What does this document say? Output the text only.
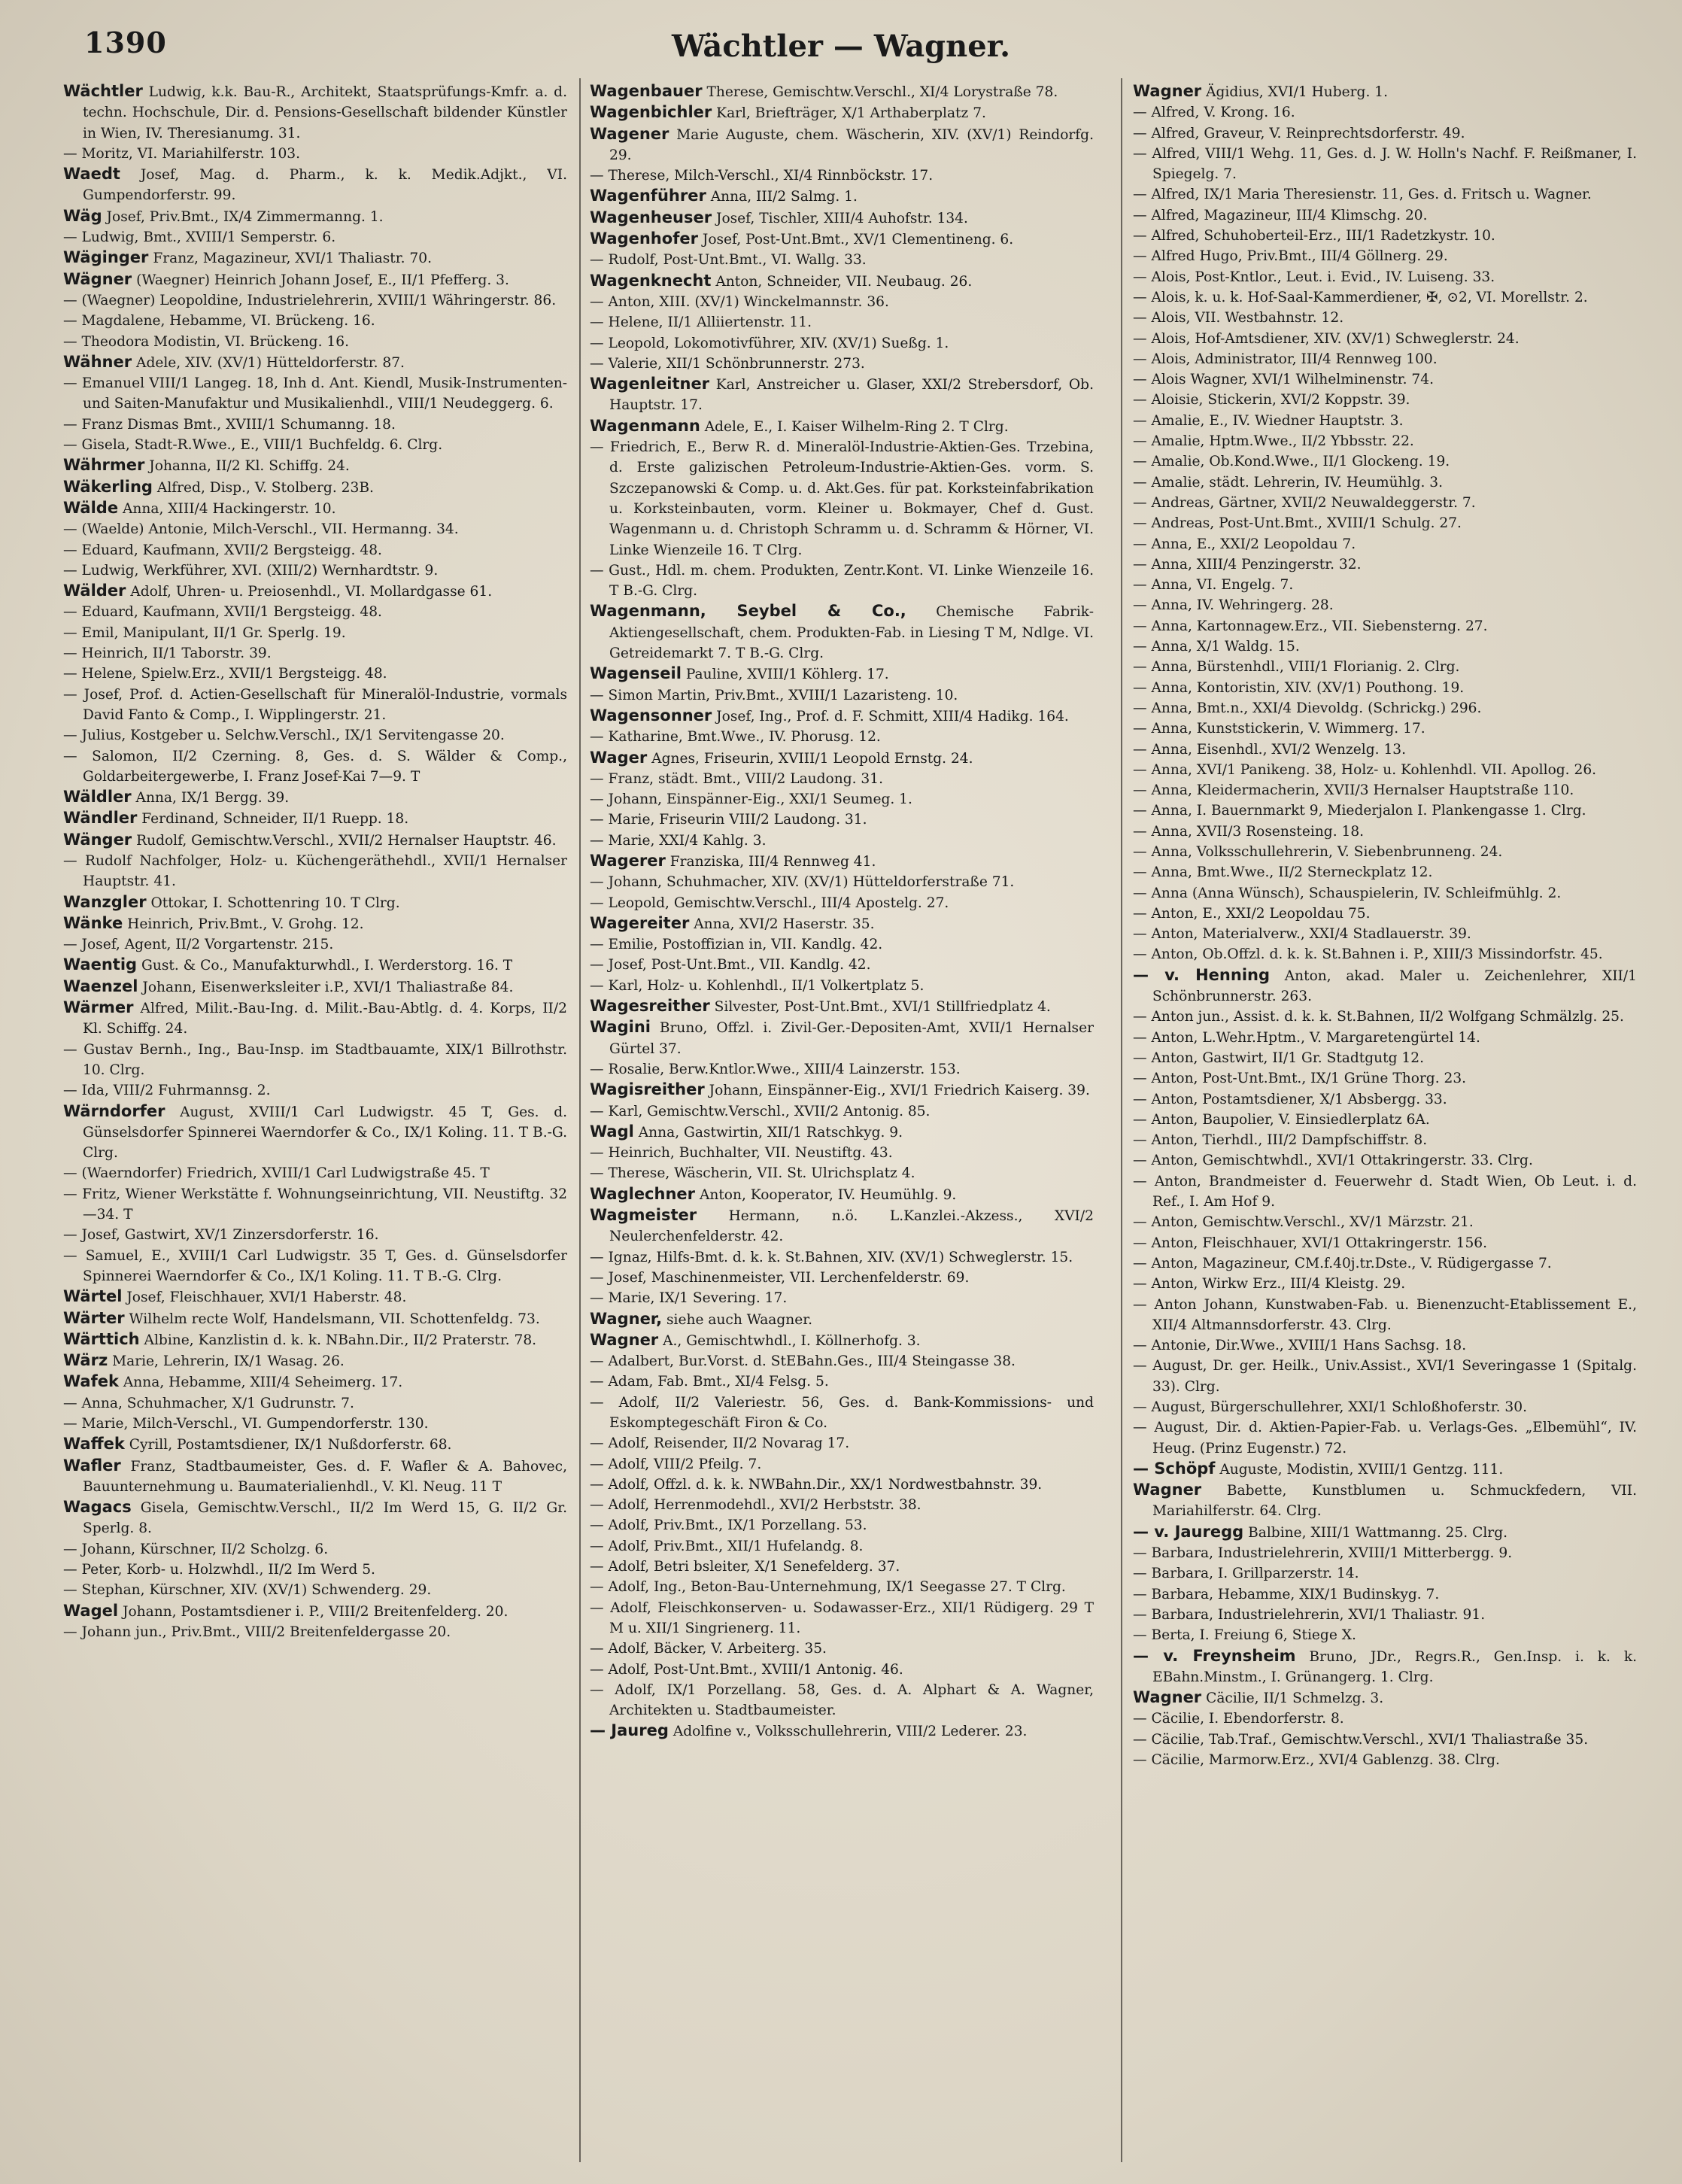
1390	Wächtler — Wagner.

Wächtler Ludwig, k.k. Bau-R., Architekt, Staatsprüfungs-Kmfr. a. d. techn. Hochschule, Dir. d. Pensions-Gesellschaft bildender Künstler in Wien, IV. Theresianumg. 31.

— Moritz, VI. Mariahilferstr. 103.

Waedt Josef, Mag. d. Pharm., k. k. Medik.Adjkt., VI. Gumpendorferstr. 99.

Wäg Josef, Priv.Bmt., IX/4 Zimmermanng. 1.

— Ludwig, Bmt., XVIII/1 Semperstr. 6.

Wäginger Franz, Magazineur, XVI/1 Thaliastr. 70.

Wägner (Waegner) Heinrich Johann Josef, E., II/1 Pfefferg. 3.

— (Waegner) Leopoldine, Industrielehrerin, XVIII/1 Währingerstr. 86.

— Magdalene, Hebamme, VI. Brückeng. 16.

— Theodora Modistin, VI. Brückeng. 16.

Wähner Adele, XIV. (XV/1) Hütteldorferstr. 87.

— Emanuel VIII/1 Langeg. 18, Inh d. Ant. Kiendl, Musik-Instrumenten- und Saiten-Manufaktur und Musikalienhdl., VIII/1 Neudeggerg. 6.

— Franz Dismas Bmt., XVIII/1 Schumanng. 18.

— Gisela, Stadt-R.Wwe., E., VIII/1 Buchfeldg. 6. Clrg.

Währmer Johanna, II/2 Kl. Schiffg. 24.

Wäkerling Alfred, Disp., V. Stolberg. 23B.

Wälde Anna, XIII/4 Hackingerstr. 10.

— (Waelde) Antonie, Milch-Verschl., VII. Hermanng. 34.

— Eduard, Kaufmann, XVII/2 Bergsteigg. 48.

— Ludwig, Werkführer, XVI. (XIII/2) Wernhardtstr. 9.

Wälder Adolf, Uhren- u. Preiosenhdl., VI. Mollardgasse 61.

— Eduard, Kaufmann, XVII/1 Bergsteigg. 48.

— Emil, Manipulant, II/1 Gr. Sperlg. 19.

— Heinrich, II/1 Taborstr. 39.

— Helene, Spielw.Erz., XVII/1 Bergsteigg. 48.

— Josef, Prof. d. Actien-Gesellschaft für Mineralöl-Industrie, vormals David Fanto & Comp., I. Wipplingerstr. 21.

— Julius, Kostgeber u. Selchw.Verschl., IX/1 Servitengasse 20.

— Salomon, II/2 Czerning. 8, Ges. d. S. Wälder & Comp., Goldarbeitergewerbe, I. Franz Josef-Kai 7—9. T

Wäldler Anna, IX/1 Bergg. 39.

Wändler Ferdinand, Schneider, II/1 Ruepp. 18.

Wänger Rudolf, Gemischtw.Verschl., XVII/2 Hernalser Hauptstr. 46.

— Rudolf Nachfolger, Holz- u. Küchengeräthehdl., XVII/1 Hernalser Hauptstr. 41.

Wanzgler Ottokar, I. Schottenring 10. T Clrg.

Wänke Heinrich, Priv.Bmt., V. Grohg. 12.

— Josef, Agent, II/2 Vorgartenstr. 215.

Waentig Gust. & Co., Manufakturwhdl., I. Werderstorg. 16. T

Waenzel Johann, Eisenwerksleiter i.P., XVI/1 Thaliastraße 84.

Wärmer Alfred, Milit.-Bau-Ing. d. Milit.-Bau-Abtlg. d. 4. Korps, II/2 Kl. Schiffg. 24.

— Gustav Bernh., Ing., Bau-Insp. im Stadtbauamte, XIX/1 Billrothstr. 10. Clrg.

— Ida, VIII/2 Fuhrmannsg. 2.

Wärndorfer August, XVIII/1 Carl Ludwigstr. 45 T, Ges. d. Günselsdorfer Spinnerei Waerndorfer & Co., IX/1 Koling. 11. T B.-G. Clrg.

— (Waerndorfer) Friedrich, XVIII/1 Carl Ludwigstraße 45. T

— Fritz, Wiener Werkstätte f. Wohnungseinrichtung, VII. Neustiftg. 32—34. T

— Josef, Gastwirt, XV/1 Zinzersdorferstr. 16.

— Samuel, E., XVIII/1 Carl Ludwigstr. 35 T, Ges. d. Günselsdorfer Spinnerei Waerndorfer & Co., IX/1 Koling. 11. T B.-G. Clrg.

Wärtel Josef, Fleischhauer, XVI/1 Haberstr. 48.

Wärter Wilhelm recte Wolf, Handelsmann, VII. Schottenfeldg. 73.

Wärttich Albine, Kanzlistin d. k. k. NBahn.Dir., II/2 Praterstr. 78.

Wärz Marie, Lehrerin, IX/1 Wasag. 26.

Wafek Anna, Hebamme, XIII/4 Seheimerg. 17.

— Anna, Schuhmacher, X/1 Gudrunstr. 7.

— Marie, Milch-Verschl., VI. Gumpendorferstr. 130.

Waffek Cyrill, Postamtsdiener, IX/1 Nußdorferstr. 68.

Wafler Franz, Stadtbaumeister, Ges. d. F. Wafler & A. Bahovec, Bauunternehmung u. Baumaterialienhdl., V. Kl. Neug. 11 T

Wagacs Gisela, Gemischtw.Verschl., II/2 Im Werd 15, G. II/2 Gr. Sperlg. 8.

— Johann, Kürschner, II/2 Scholzg. 6.

— Peter, Korb- u. Holzwhdl., II/2 Im Werd 5.

— Stephan, Kürschner, XIV. (XV/1) Schwenderg. 29.

Wagel Johann, Postamtsdiener i. P., VIII/2 Breitenfelderg. 20.

— Johann jun., Priv.Bmt., VIII/2 Breitenfeldergasse 20.

Wagenbauer Therese, Gemischtw.Verschl., XI/4 Lorystraße 78.

Wagenbichler Karl, Briefträger, X/1 Arthaberplatz 7.

Wagener Marie Auguste, chem. Wäscherin, XIV. (XV/1) Reindorfg. 29.

— Therese, Milch-Verschl., XI/4 Rinnböckstr. 17.

Wagenführer Anna, III/2 Salmg. 1.

Wagenheuser Josef, Tischler, XIII/4 Auhofstr. 134.

Wagenhofer Josef, Post-Unt.Bmt., XV/1 Clementineng. 6.

— Rudolf, Post-Unt.Bmt., VI. Wallg. 33.

Wagenknecht Anton, Schneider, VII. Neubaug. 26.

— Anton, XIII. (XV/1) Winckelmannstr. 36.

— Helene, II/1 Alliiertenstr. 11.

— Leopold, Lokomotivführer, XIV. (XV/1) Sueßg. 1.

— Valerie, XII/1 Schönbrunnerstr. 273.

Wagenleitner Karl, Anstreicher u. Glaser, XXI/2 Strebersdorf, Ob. Hauptstr. 17.

Wagenmann Adele, E., I. Kaiser Wilhelm-Ring 2. T Clrg.

— Friedrich, E., Berw R. d. Mineralöl-Industrie-Aktien-Ges. Trzebina, d. Erste galizischen Petroleum-Industrie-Aktien-Ges. vorm. S. Szczepanowski & Comp. u. d. Akt.Ges. für pat. Korksteinfabrikation u. Korksteinbauten, vorm. Kleiner u. Bokmayer, Chef d. Gust. Wagenmann u. d. Christoph Schramm u. d. Schramm & Hörner, VI. Linke Wienzeile 16. T Clrg.

— Gust., Hdl. m. chem. Produkten, Zentr.Kont. VI. Linke Wienzeile 16. T B.-G. Clrg.

Wagenmann, Seybel & Co., Chemische Fabrik-Aktiengesellschaft, chem. Produkten-Fab. in Liesing T M, Ndlge. VI. Getreidemarkt 7. T B.-G. Clrg.

Wagenseil Pauline, XVIII/1 Köhlerg. 17.

— Simon Martin, Priv.Bmt., XVIII/1 Lazaristeng. 10.

Wagensonner Josef, Ing., Prof. d. F. Schmitt, XIII/4 Hadikg. 164.

— Katharine, Bmt.Wwe., IV. Phorusg. 12.

Wager Agnes, Friseurin, XVIII/1 Leopold Ernstg. 24.

— Franz, städt. Bmt., VIII/2 Laudong. 31.

— Johann, Einspänner-Eig., XXI/1 Seumeg. 1.

— Marie, Friseurin VIII/2 Laudong. 31.

— Marie, XXI/4 Kahlg. 3.

Wagerer Franziska, III/4 Rennweg 41.

— Johann, Schuhmacher, XIV. (XV/1) Hütteldorferstraße 71.

— Leopold, Gemischtw.Verschl., III/4 Apostelg. 27.

Wagereiter Anna, XVI/2 Haserstr. 35.

— Emilie, Postoffizian in, VII. Kandlg. 42.

— Josef, Post-Unt.Bmt., VII. Kandlg. 42.

— Karl, Holz- u. Kohlenhdl., II/1 Volkertplatz 5.

Wagesreither Silvester, Post-Unt.Bmt., XVI/1 Stillfriedplatz 4.

Wagini Bruno, Offzl. i. Zivil-Ger.-Depositen-Amt, XVII/1 Hernalser Gürtel 37.

— Rosalie, Berw.Kntlor.Wwe., XIII/4 Lainzerstr. 153.

Wagisreither Johann, Einspänner-Eig., XVI/1 Friedrich Kaiserg. 39.

— Karl, Gemischtw.Verschl., XVII/2 Antonig. 85.

Wagl Anna, Gastwirtin, XII/1 Ratschkyg. 9.

— Heinrich, Buchhalter, VII. Neustiftg. 43.

— Therese, Wäscherin, VII. St. Ulrichsplatz 4.

Waglechner Anton, Kooperator, IV. Heumühlg. 9.

Wagmeister Hermann, n.ö. L.Kanzlei.-Akzess., XVI/2 Neulerchenfelderstr. 42.

— Ignaz, Hilfs-Bmt. d. k. k. St.Bahnen, XIV. (XV/1) Schweglerstr. 15.

— Josef, Maschinenmeister, VII. Lerchenfelderstr. 69.

— Marie, IX/1 Severing. 17.

Wagner, siehe auch Waagner.

Wagner A., Gemischtwhdl., I. Köllnerhofg. 3.

— Adalbert, Bur.Vorst. d. StEBahn.Ges., III/4 Steingasse 38.

— Adam, Fab. Bmt., XI/4 Felsg. 5.

— Adolf, II/2 Valeriestr. 56, Ges. d. Bank-Kommissions- und Eskomptegeschäft Firon & Co.

— Adolf, Reisender, II/2 Novarag 17.

— Adolf, VIII/2 Pfeilg. 7.

— Adolf, Offzl. d. k. k. NWBahn.Dir., XX/1 Nordwestbahnstr. 39.

— Adolf, Herrenmodehdl., XVI/2 Herbststr. 38.

— Adolf, Priv.Bmt., IX/1 Porzellang. 53.

— Adolf, Priv.Bmt., XII/1 Hufelandg. 8.

— Adolf, Betri bsleiter, X/1 Senefelderg. 37.

— Adolf, Ing., Beton-Bau-Unternehmung, IX/1 Seegasse 27. T Clrg.

— Adolf, Fleischkonserven- u. Sodawasser-Erz., XII/1 Rüdigerg. 29 T M u. XII/1 Singrienerg. 11.

— Adolf, Bäcker, V. Arbeiterg. 35.

— Adolf, Post-Unt.Bmt., XVIII/1 Antonig. 46.

— Adolf, IX/1 Porzellang. 58, Ges. d. A. Alphart & A. Wagner, Architekten u. Stadtbaumeister.

— Jaureg Adolfine v., Volksschullehrerin, VIII/2 Lederer. 23.

Wagner Ägidius, XVI/1 Huberg. 1.

— Alfred, V. Krong. 16.

— Alfred, Graveur, V. Reinprechtsdorferstr. 49.

— Alfred, VIII/1 Wehg. 11, Ges. d. J. W. Holln's Nachf. F. Reißmaner, I. Spiegelg. 7.

— Alfred, IX/1 Maria Theresienstr. 11, Ges. d. Fritsch u. Wagner.

— Alfred, Magazineur, III/4 Klimschg. 20.

— Alfred, Schuhoberteil-Erz., III/1 Radetzkystr. 10.

— Alfred Hugo, Priv.Bmt., III/4 Göllnerg. 29.

— Alois, Post-Kntlor., Leut. i. Evid., IV. Luiseng. 33.

— Alois, k. u. k. Hof-Saal-Kammerdiener, ✠, ⊙2, VI. Morellstr. 2.

— Alois, VII. Westbahnstr. 12.

— Alois, Hof-Amtsdiener, XIV. (XV/1) Schweglerstr. 24.

— Alois, Administrator, III/4 Rennweg 100.

— Alois Wagner, XVI/1 Wilhelminenstr. 74.

— Aloisie, Stickerin, XVI/2 Koppstr. 39.

— Amalie, E., IV. Wiedner Hauptstr. 3.

— Amalie, Hptm.Wwe., II/2 Ybbsstr. 22.

— Amalie, Ob.Kond.Wwe., II/1 Glockeng. 19.

— Amalie, städt. Lehrerin, IV. Heumühlg. 3.

— Andreas, Gärtner, XVII/2 Neuwaldeggerstr. 7.

— Andreas, Post-Unt.Bmt., XVIII/1 Schulg. 27.

— Anna, E., XXI/2 Leopoldau 7.

— Anna, XIII/4 Penzingerstr. 32.

— Anna, VI. Engelg. 7.

— Anna, IV. Wehringerg. 28.

— Anna, Kartonnagew.Erz., VII. Siebensterng. 27.

— Anna, X/1 Waldg. 15.

— Anna, Bürstenhdl., VIII/1 Florianig. 2. Clrg.

— Anna, Kontoristin, XIV. (XV/1) Pouthong. 19.

— Anna, Bmt.n., XXI/4 Dievoldg. (Schrickg.) 296.

— Anna, Kunststickerin, V. Wimmerg. 17.

— Anna, Eisenhdl., XVI/2 Wenzelg. 13.

— Anna, XVI/1 Panikeng. 38, Holz- u. Kohlenhdl. VII. Apollog. 26.

— Anna, Kleidermacherin, XVII/3 Hernalser Hauptstraße 110.

— Anna, I. Bauernmarkt 9, Miederjalon I. Plankengasse 1. Clrg.

— Anna, XVII/3 Rosensteing. 18.

— Anna, Volksschullehrerin, V. Siebenbrunneng. 24.

— Anna, Bmt.Wwe., II/2 Sterneckplatz 12.

— Anna (Anna Wünsch), Schauspielerin, IV. Schleifmühlg. 2.

— Anton, E., XXI/2 Leopoldau 75.

— Anton, Materialverw., XXI/4 Stadlauerstr. 39.

— Anton, Ob.Offzl. d. k. k. St.Bahnen i. P., XIII/3 Missindorfstr. 45.

— v. Henning Anton, akad. Maler u. Zeichenlehrer, XII/1 Schönbrunnerstr. 263.

— Anton jun., Assist. d. k. k. St.Bahnen, II/2 Wolfgang Schmälzlg. 25.

— Anton, L.Wehr.Hptm., V. Margaretengürtel 14.

— Anton, Gastwirt, II/1 Gr. Stadtgutg 12.

— Anton, Post-Unt.Bmt., IX/1 Grüne Thorg. 23.

— Anton, Postamtsdiener, X/1 Absbergg. 33.

— Anton, Baupolier, V. Einsiedlerplatz 6A.

— Anton, Tierhdl., III/2 Dampfschiffstr. 8.

— Anton, Gemischtwhdl., XVI/1 Ottakringerstr. 33. Clrg.

— Anton, Brandmeister d. Feuerwehr d. Stadt Wien, Ob Leut. i. d. Ref., I. Am Hof 9.

— Anton, Gemischtw.Verschl., XV/1 Märzstr. 21.

— Anton, Fleischhauer, XVI/1 Ottakringerstr. 156.

— Anton, Magazineur, CM.f.40j.tr.Dste., V. Rüdigergasse 7.

— Anton, Wirkw Erz., III/4 Kleistg. 29.

— Anton Johann, Kunstwaben-Fab. u. Bienenzucht-Etablissement E., XII/4 Altmannsdorferstr. 43. Clrg.

— Antonie, Dir.Wwe., XVIII/1 Hans Sachsg. 18.

— August, Dr. ger. Heilk., Univ.Assist., XVI/1 Severingasse 1 (Spitalg. 33). Clrg.

— August, Bürgerschullehrer, XXI/1 Schloßhoferstr. 30.

— August, Dir. d. Aktien-Papier-Fab. u. Verlags-Ges. „Elbemühl“, IV. Heug. (Prinz Eugenstr.) 72.

— Schöpf Auguste, Modistin, XVIII/1 Gentzg. 111.

Wagner Babette, Kunstblumen u. Schmuckfedern, VII. Mariahilferstr. 64. Clrg.

— v. Jauregg Balbine, XIII/1 Wattmanng. 25. Clrg.

— Barbara, Industrielehrerin, XVIII/1 Mitterbergg. 9.

— Barbara, I. Grillparzerstr. 14.

— Barbara, Hebamme, XIX/1 Budinskyg. 7.

— Barbara, Industrielehrerin, XVI/1 Thaliastr. 91.

— Berta, I. Freiung 6, Stiege X.

— v. Freynsheim Bruno, JDr., Regrs.R., Gen.Insp. i. k. k. EBahn.Minstm., I. Grünangerg. 1. Clrg.

Wagner Cäcilie, II/1 Schmelzg. 3.

— Cäcilie, I. Ebendorferstr. 8.

— Cäcilie, Tab.Traf., Gemischtw.Verschl., XVI/1 Thaliastraße 35.

— Cäcilie, Marmorw.Erz., XVI/4 Gablenzg. 38. Clrg.
